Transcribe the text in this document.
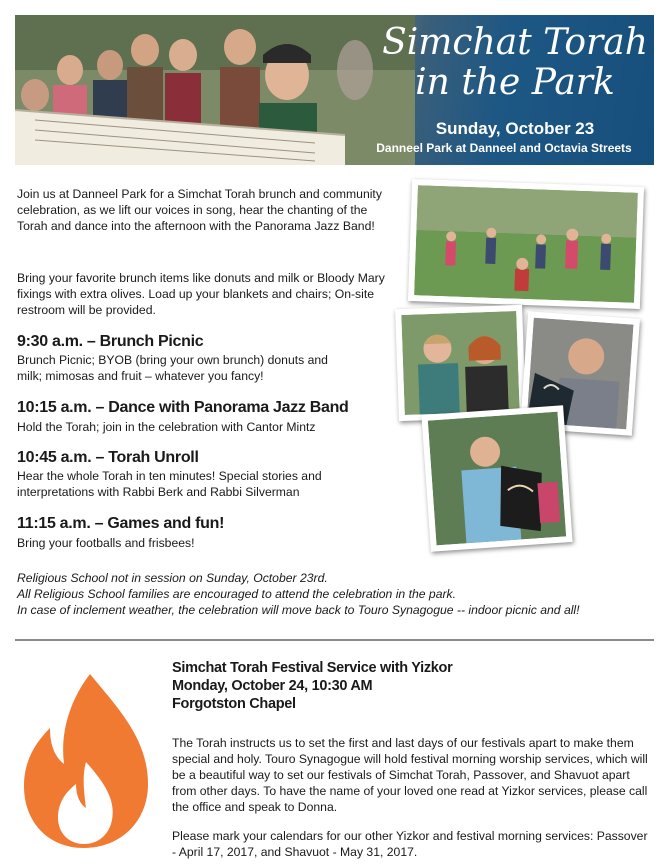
Simchat Torah
in the Park
Sunday, October 23
Danneel Park at Danneel and Octavia Streets

Join us at Danneel Park for a Simchat Torah brunch and community celebration, as we lift our voices in song, hear the chanting of the Torah and dance into the afternoon with the Panorama Jazz Band!

Bring your favorite brunch items like donuts and milk or Bloody Mary fixings with extra olives. Load up your blankets and chairs; On-site restroom will be provided.

9:30 a.m. – Brunch Picnic

Brunch Picnic; BYOB (bring your own brunch) donuts and milk; mimosas and fruit – whatever you fancy!

10:15 a.m. – Dance with Panorama Jazz Band

Hold the Torah; join in the celebration with Cantor Mintz

10:45 a.m. – Torah Unroll

Hear the whole Torah in ten minutes! Special stories and interpretations with Rabbi Berk and Rabbi Silverman

11:15 a.m. – Games and fun!

Bring your footballs and frisbees!

Religious School not in session on Sunday, October 23rd.

All Religious School families are encouraged to attend the celebration in the park.

In case of inclement weather, the celebration will move back to Touro Synagogue -- indoor picnic and all!

Simchat Torah Festival Service with Yizkor
Monday, October 24, 10:30 AM
Forgotston Chapel

The Torah instructs us to set the first and last days of our festivals apart to make them special and holy. Touro Synagogue will hold festival morning worship services, which will be a beautiful way to set our festivals of Simchat Torah, Passover, and Shavuot apart from other days. To have the name of your loved one read at Yizkor services, please call the office and speak to Donna.

Please mark your calendars for our other Yizkor and festival morning services: Passover - April 17, 2017, and Shavuot - May 31, 2017.
